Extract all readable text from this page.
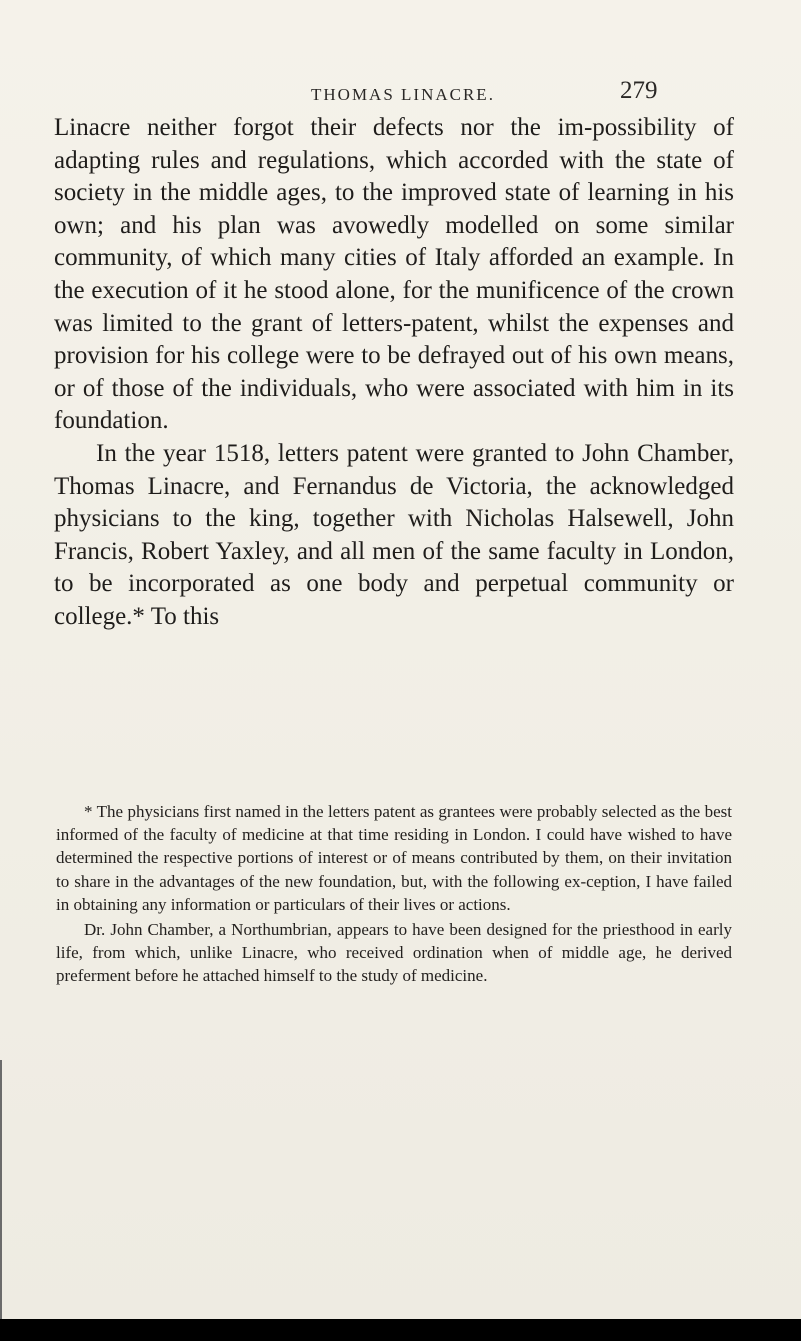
THOMAS LINACRE.	279

Linacre neither forgot their defects nor the im-possibility of adapting rules and regulations, which accorded with the state of society in the middle ages, to the improved state of learning in his own; and his plan was avowedly modelled on some similar community, of which many cities of Italy afforded an example. In the execution of it he stood alone, for the munificence of the crown was limited to the grant of letters-patent, whilst the expenses and provision for his college were to be defrayed out of his own means, or of those of the individuals, who were associated with him in its foundation.

In the year 1518, letters patent were granted to John Chamber, Thomas Linacre, and Fernandus de Victoria, the acknowledged physicians to the king, together with Nicholas Halsewell, John Francis, Robert Yaxley, and all men of the same faculty in London, to be incorporated as one body and perpetual community or college.* To this

* The physicians first named in the letters patent as grantees were probably selected as the best informed of the faculty of medicine at that time residing in London. I could have wished to have determined the respective portions of interest or of means contributed by them, on their invitation to share in the advantages of the new foundation, but, with the following ex-ception, I have failed in obtaining any information or particulars of their lives or actions.

Dr. John Chamber, a Northumbrian, appears to have been designed for the priesthood in early life, from which, unlike Linacre, who received ordination when of middle age, he derived preferment before he attached himself to the study of medicine.
